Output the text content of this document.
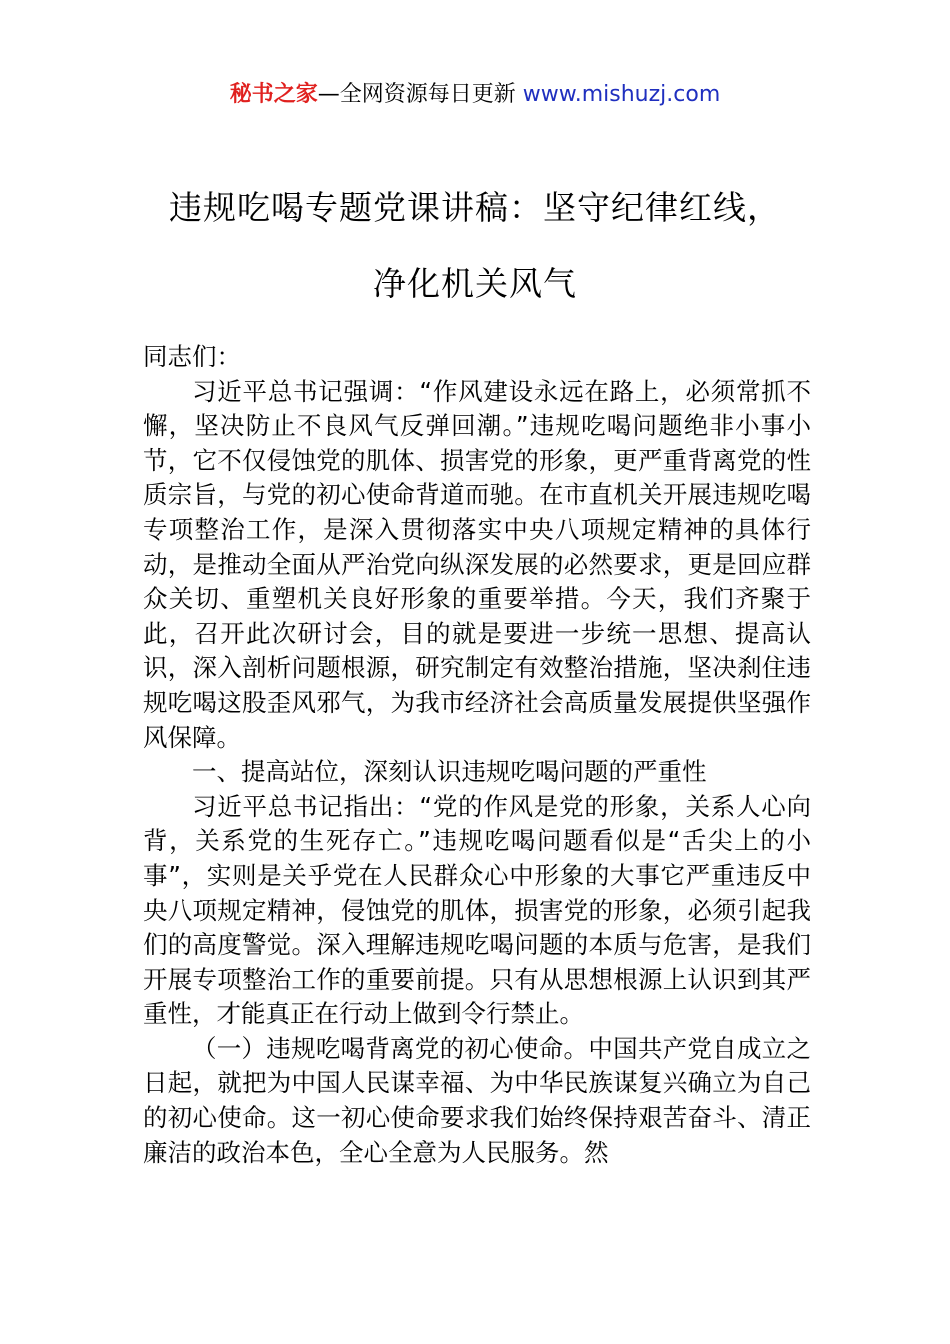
秘书之家—全网资源每日更新 www.mishuzj.com
违规吃喝专题党课讲稿：坚守纪律红线，
净化机关风气

同志们：

习近平总书记强调：“作风建设永远在路上，必须常抓不懈，坚决防止不良风气反弹回潮。”违规吃喝问题绝非小事小节，它不仅侵蚀党的肌体、损害党的形象，更严重背离党的性质宗旨，与党的初心使命背道而驰。在市直机关开展违规吃喝专项整治工作，是深入贯彻落实中央八项规定精神的具体行动，是推动全面从严治党向纵深发展的必然要求，更是回应群众关切、重塑机关良好形象的重要举措。今天，我们齐聚于此，召开此次研讨会，目的就是要进一步统一思想、提高认识，深入剖析问题根源，研究制定有效整治措施，坚决刹住违规吃喝这股歪风邪气，为我市经济社会高质量发展提供坚强作风保障。

一、提高站位，深刻认识违规吃喝问题的严重性

习近平总书记指出：“党的作风是党的形象，关系人心向背，关系党的生死存亡。”违规吃喝问题看似是“舌尖上的小事”，实则是关乎党在人民群众心中形象的大事它严重违反中央八项规定精神，侵蚀党的肌体，损害党的形象，必须引起我们的高度警觉。深入理解违规吃喝问题的本质与危害，是我们开展专项整治工作的重要前提。只有从思想根源上认识到其严重性，才能真正在行动上做到令行禁止。

（一）违规吃喝背离党的初心使命。中国共产党自成立之日起，就把为中国人民谋幸福、为中华民族谋复兴确立为自己的初心使命。这一初心使命要求我们始终保持艰苦奋斗、清正廉洁的政治本色，全心全意为人民服务。然
